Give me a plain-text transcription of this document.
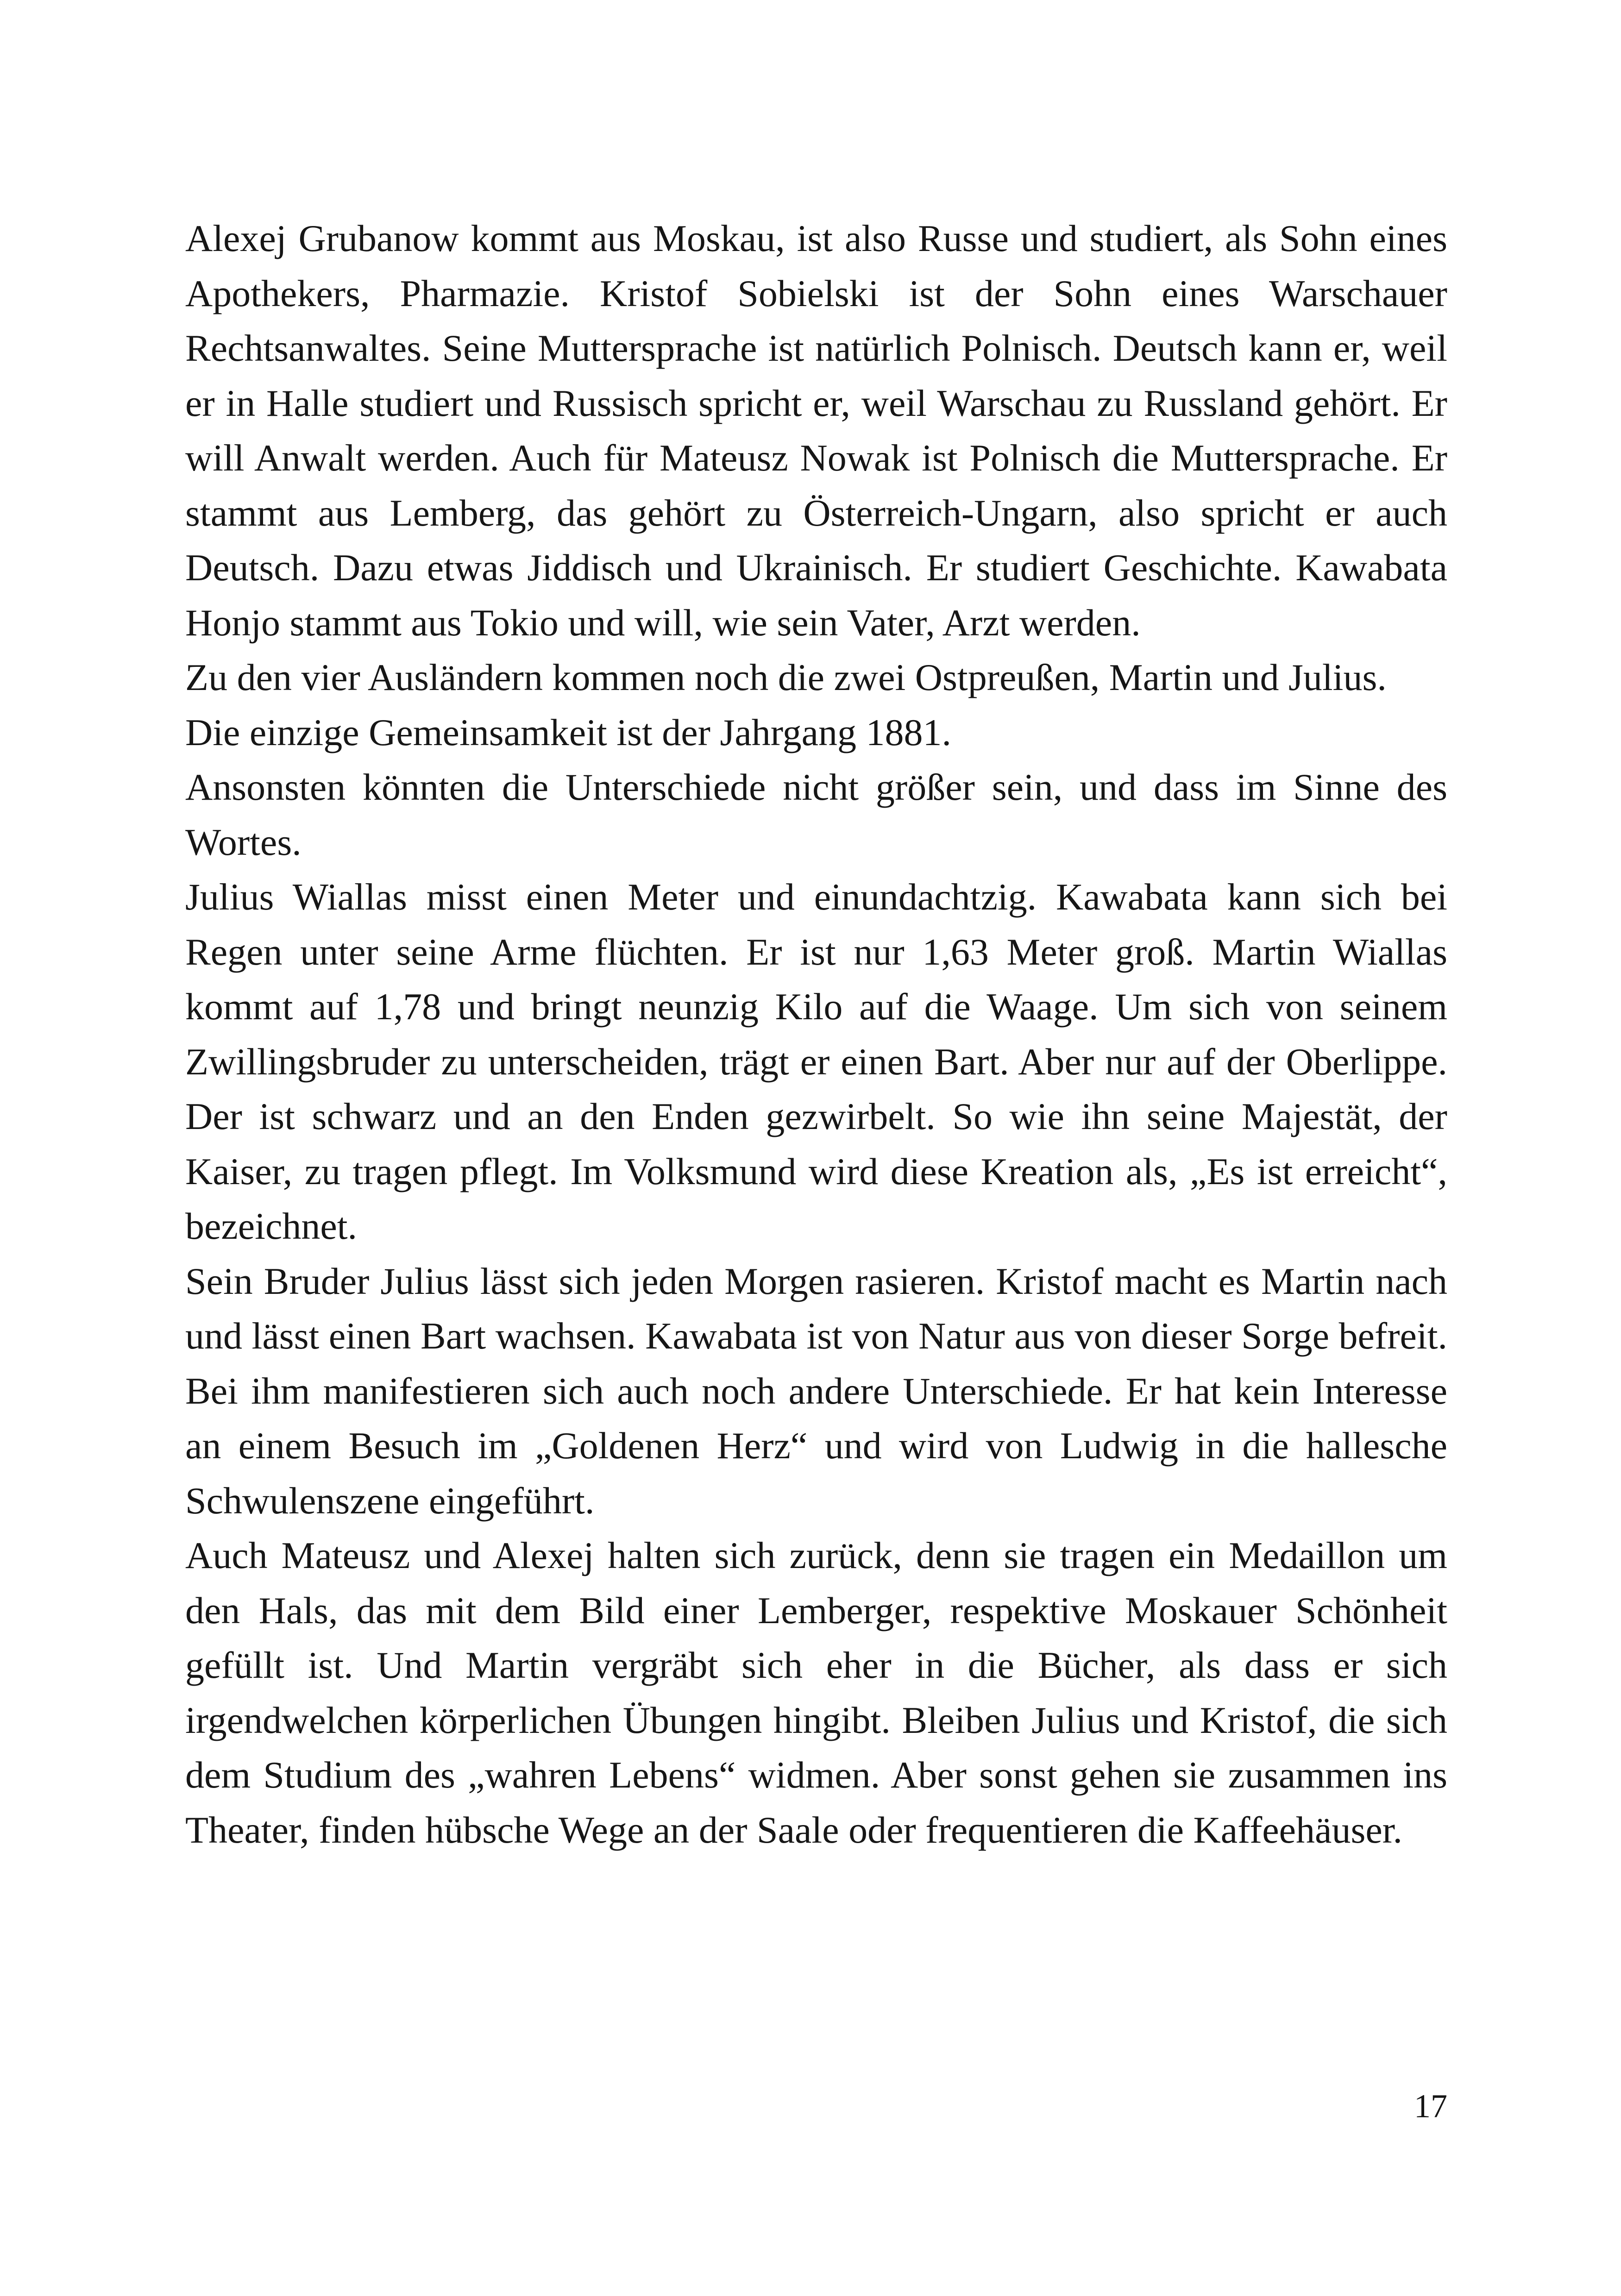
Alexej Grubanow kommt aus Moskau, ist also Russe und studiert, als Sohn eines Apothekers, Pharmazie. Kristof Sobielski ist der Sohn eines Warschauer Rechtsanwaltes. Seine Muttersprache ist natürlich Polnisch. Deutsch kann er, weil er in Halle studiert und Russisch spricht er, weil Warschau zu Russland gehört. Er will Anwalt werden. Auch für Mateusz Nowak ist Polnisch die Muttersprache. Er stammt aus Lemberg, das gehört zu Österreich-Ungarn, also spricht er auch Deutsch. Dazu etwas Jiddisch und Ukrainisch. Er studiert Geschichte. Kawabata Honjo stammt aus Tokio und will, wie sein Vater, Arzt werden.

Zu den vier Ausländern kommen noch die zwei Ostpreußen, Martin und Julius.

Die einzige Gemeinsamkeit ist der Jahrgang 1881.

Ansonsten könnten die Unterschiede nicht größer sein, und dass im Sinne des Wortes.

Julius Wiallas misst einen Meter und einundachtzig. Kawabata kann sich bei Regen unter seine Arme flüchten. Er ist nur 1,63 Meter groß. Martin Wiallas kommt auf 1,78 und bringt neunzig Kilo auf die Waage. Um sich von seinem Zwillingsbruder zu unterscheiden, trägt er einen Bart. Aber nur auf der Oberlippe. Der ist schwarz und an den Enden gezwirbelt. So wie ihn seine Majestät, der Kaiser, zu tragen pflegt. Im Volksmund wird diese Kreation als, „Es ist erreicht“, bezeichnet.

Sein Bruder Julius lässt sich jeden Morgen rasieren. Kristof macht es Martin nach und lässt einen Bart wachsen. Kawabata ist von Natur aus von dieser Sorge befreit. Bei ihm manifestieren sich auch noch andere Unterschiede. Er hat kein Interesse an einem Besuch im „Goldenen Herz“ und wird von Ludwig in die hallesche Schwulenszene eingeführt.

Auch Mateusz und Alexej halten sich zurück, denn sie tragen ein Medaillon um den Hals, das mit dem Bild einer Lemberger, respektive Moskauer Schönheit gefüllt ist. Und Martin vergräbt sich eher in die Bücher, als dass er sich irgendwelchen körperlichen Übungen hingibt. Bleiben Julius und Kristof, die sich dem Studium des „wahren Lebens“ widmen. Aber sonst gehen sie zusammen ins Theater, finden hübsche Wege an der Saale oder frequentieren die Kaffeehäuser.

17
